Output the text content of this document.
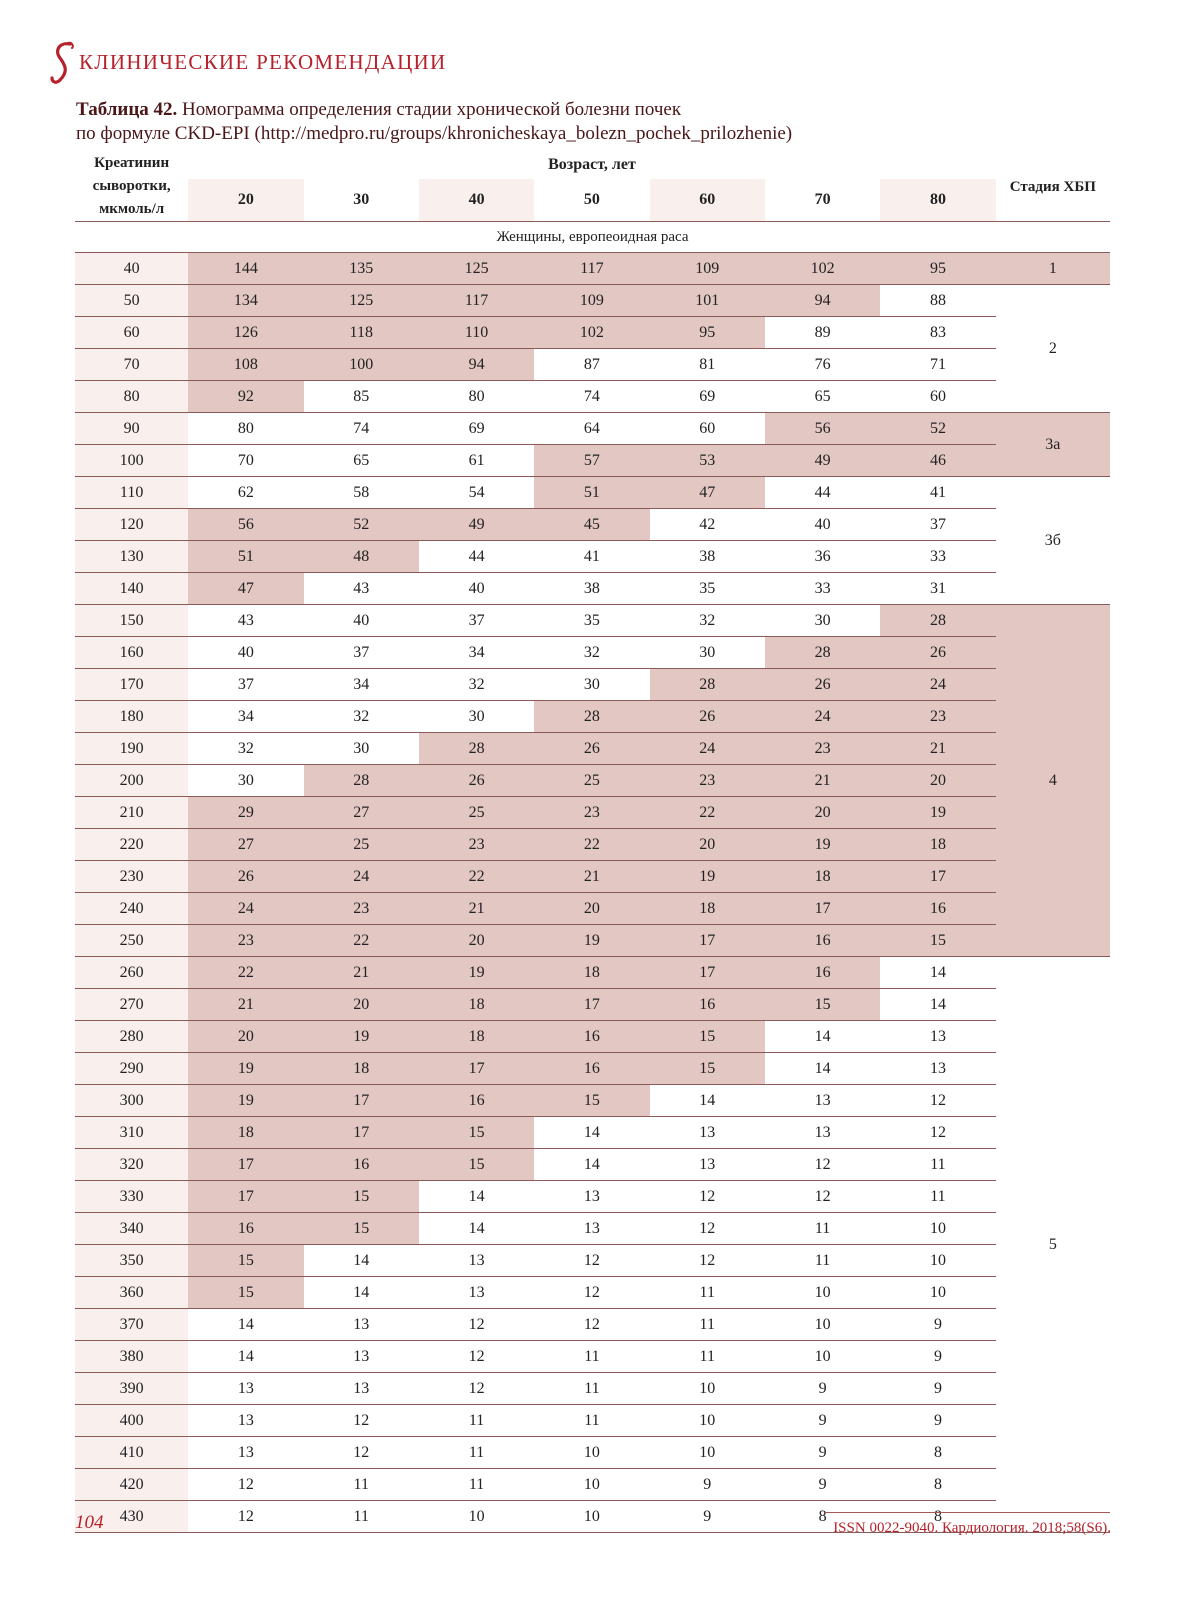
КЛИНИЧЕСКИЕ РЕКОМЕНДАЦИИ
Таблица 42. Номограмма определения стадии хронической болезни почек
по формуле CKD-EPI (http://medpro.ru/groups/khronicheskaya_bolezn_pochek_prilozhenie)
Креатинин сыворотки, мкмоль/л	Возраст, лет							Стадия ХБП
	20	30	40	50	60	70	80	
Женщины, европеоидная раса								
40	144	135	125	117	109	102	95	1
50	134	125	117	109	101	94	88	2
60	126	118	110	102	95	89	83	
70	108	100	94	87	81	76	71	
80	92	85	80	74	69	65	60	
90	80	74	69	64	60	56	52	3а
100	70	65	61	57	53	49	46	
110	62	58	54	51	47	44	41	3б
120	56	52	49	45	42	40	37	
130	51	48	44	41	38	36	33	
140	47	43	40	38	35	33	31	
150	43	40	37	35	32	30	28	4
160	40	37	34	32	30	28	26	
170	37	34	32	30	28	26	24	
180	34	32	30	28	26	24	23	
190	32	30	28	26	24	23	21	
200	30	28	26	25	23	21	20	
210	29	27	25	23	22	20	19	
220	27	25	23	22	20	19	18	
230	26	24	22	21	19	18	17	
240	24	23	21	20	18	17	16	
250	23	22	20	19	17	16	15	
260	22	21	19	18	17	16	14	5
270	21	20	18	17	16	15	14	
280	20	19	18	16	15	14	13	
290	19	18	17	16	15	14	13	
300	19	17	16	15	14	13	12	
310	18	17	15	14	13	13	12	
320	17	16	15	14	13	12	11	
330	17	15	14	13	12	12	11	
340	16	15	14	13	12	11	10	
350	15	14	13	12	12	11	10	
360	15	14	13	12	11	10	10	
370	14	13	12	12	11	10	9	
380	14	13	12	11	11	10	9	
390	13	13	12	11	10	9	9	
400	13	12	11	11	10	9	9	
410	13	12	11	10	10	9	8	
420	12	11	11	10	9	9	8	
430	12	11	10	10	9	8	8	
104	ISSN 0022-9040. Кардиология. 2018;58(S6).
